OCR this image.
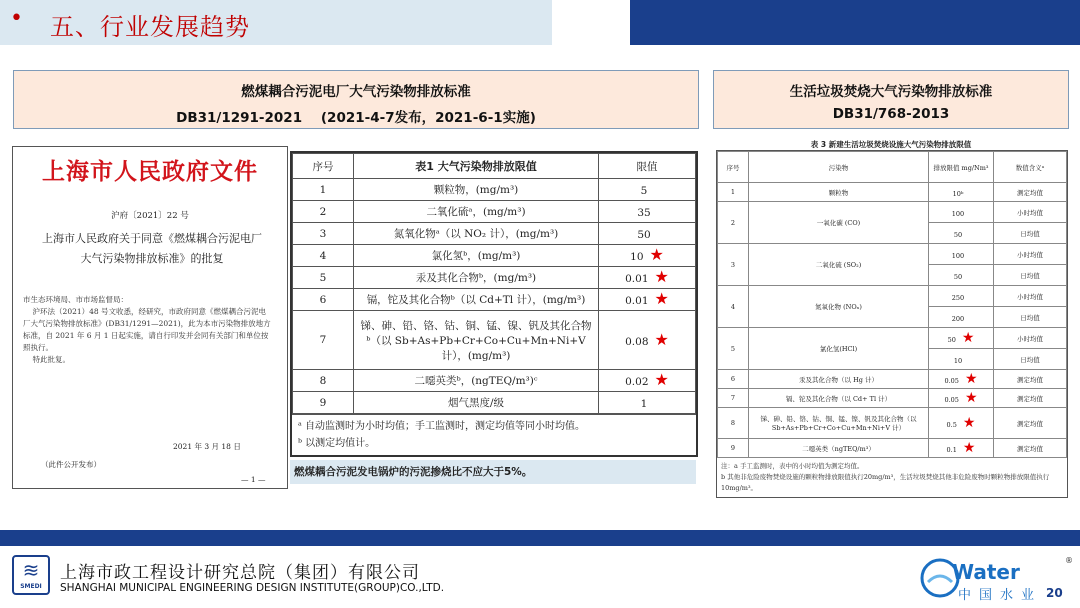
• 五、行业发展趋势
燃煤耦合污泥电厂大气污染物排放标准
DB31/1291-2021    (2021-4-7发布，2021-6-1实施)
生活垃圾焚烧大气污染物排放标准
DB31/768-2013
上海市人民政府文件
沪府〔2021〕22 号
上海市人民政府关于同意《燃煤耦合污泥电厂大气污染物排放标准》的批复
市生态环境局、市市场监督局：
沪环法（2021）48 号文收悉，经研究，市政府同意《燃煤耦合污泥电厂大气污染物排放标准》(DB31/1291—2021)，此为本市污染物排放地方标准，自 2021 年 6 月 1 日起实施，请自行印发并会同有关部门和单位按照执行。
特此批复。
2021 年 3 月 18 日
（此件公开发布）
— 1 —
序号	表1 大气污染物排放限值	限值
1	颗粒物，(mg/m³)	5
2	二氧化硫ᵃ，(mg/m³)	35
3	氮氧化物ᵃ（以 NO₂ 计），(mg/m³)	50
4	氯化氢ᵇ，(mg/m³)	10 ★
5	汞及其化合物ᵇ，(mg/m³)	0.01 ★
6	镉，铊及其化合物ᵇ（以 Cd+Tl 计），(mg/m³)	0.01 ★
7	锑、砷、铅、铬、钴、铜、锰、镍、钒及其化合物ᵇ（以 Sb+As+Pb+Cr+Co+Cu+Mn+Ni+V 计），(mg/m³)	0.08 ★
8	二噁英类ᵇ，(ngTEQ/m³)ᶜ	0.02 ★
9	烟气黑度/级	1
ᵃ 自动监测时为小时均值；手工监测时，测定均值等同小时均值。
ᵇ 以测定均值计。
燃煤耦合污泥发电锅炉的污泥掺烧比不应大于5%。
表 3 新建生活垃圾焚烧设施大气污染物排放限值
序号	污染物	排放限值 mg/Nm³	数值含义ᵃ
1	颗粒物	10ᵇ	测定均值
2	一氧化碳 (CO)	100	小时均值
		50	日均值
3	二氧化硫 (SO₂)	100	小时均值
		50	日均值
4	氮氧化物 (NOₓ)	250	小时均值
		200	日均值
5	氯化氢(HCl)	50 ★	小时均值
		10	日均值
6	汞及其化合物（以 Hg 计）	0.05 ★	测定均值
7	镉、铊及其化合物（以 Cd+ Tl 计）	0.05 ★	测定均值
8	锑、砷、铅、铬、钴、铜、锰、镍、钒及其化合物（以 Sb+As+Pb+Cr+Co+Cu+Mn+Ni+V 计）	0.5 ★	测定均值
9	二噁英类（ngTEQ/m³）	0.1 ★	测定均值
注：a 手工监测时，表中的小时均值为测定均值。
b 其他非危险废物焚烧设施的颗粒物排放限值执行20mg/m³，生活垃圾焚烧其他非危险废物时颗粒物排放限值执行10mg/m³。
≋
SMEDI
上海市政工程设计研究总院（集团）有限公司
SHANGHAI MUNICIPAL ENGINEERING DESIGN INSTITUTE(GROUP)CO.,LTD.
Water
中国水业 20
®
